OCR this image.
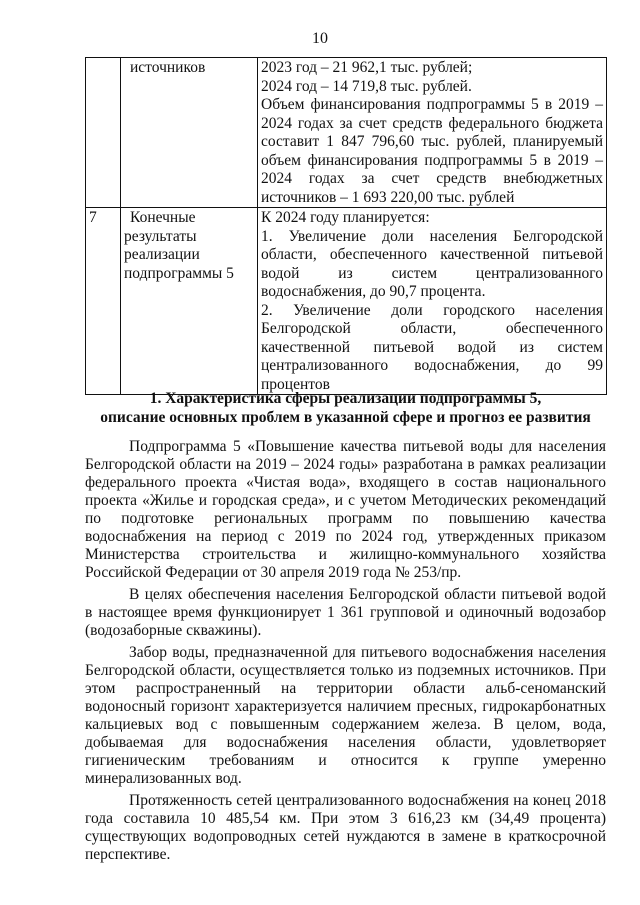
10
	источников	2023 год – 21 962,1 тыс. рублей;
2024 год – 14 719,8 тыс. рублей.
Объем финансирования подпрограммы 5 в 2019 – 2024 годах за счет средств федерального бюджета составит 1 847 796,60 тыс. рублей, планируемый объем финансирования подпрограммы 5 в 2019 – 2024 годах за счет средств внебюджетных источников – 1 693 220,00 тыс. рублей

7	Конечные результаты реализации подпрограммы 5	К 2024 году планируется:
1. Увеличение доли населения Белгородской области, обеспеченного качественной питьевой водой из систем централизованного водоснабжения, до 90,7 процента.
2. Увеличение доли городского населения Белгородской области, обеспеченного качественной питьевой водой из систем централизованного водоснабжения, до 99 процентов
1. Характеристика сферы реализации подпрограммы 5,
описание основных проблем в указанной сфере и прогноз ее развития

Подпрограмма 5 «Повышение качества питьевой воды для населения Белгородской области на 2019 – 2024 годы» разработана в рамках реализации федерального проекта «Чистая вода», входящего в состав национального проекта «Жилье и городская среда», и с учетом Методических рекомендаций по подготовке региональных программ по повышению качества водоснабжения на период с 2019 по 2024 год, утвержденных приказом Министерства строительства и жилищно-коммунального хозяйства Российской Федерации от 30 апреля 2019 года № 253/пр.

В целях обеспечения населения Белгородской области питьевой водой в настоящее время функционирует 1 361 групповой и одиночный водозабор (водозаборные скважины).

Забор воды, предназначенной для питьевого водоснабжения населения Белгородской области, осуществляется только из подземных источников. При этом распространенный на территории области альб-сеноманский водоносный горизонт характеризуется наличием пресных, гидрокарбонатных кальциевых вод с повышенным содержанием железа. В целом, вода, добываемая для водоснабжения населения области, удовлетворяет гигиеническим требованиям и относится к группе умеренно минерализованных вод.

Протяженность сетей централизованного водоснабжения на конец 2018 года составила 10 485,54 км. При этом 3 616,23 км (34,49 процента) существующих водопроводных сетей нуждаются в замене в краткосрочной перспективе.
